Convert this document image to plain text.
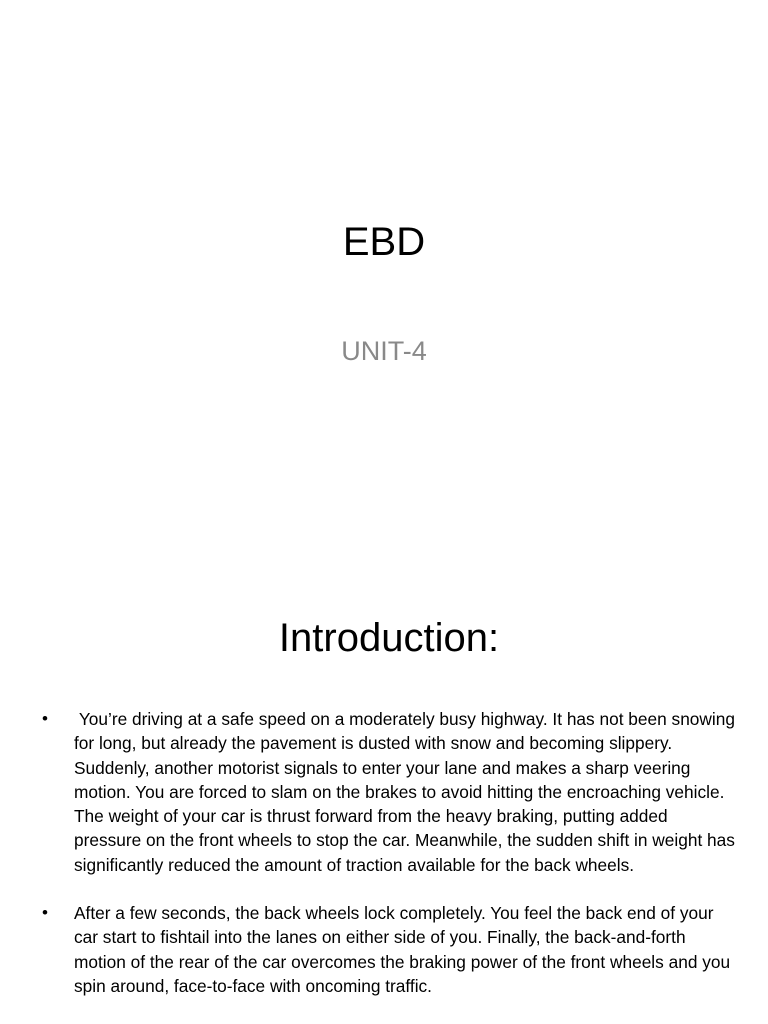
EBD
UNIT-4
Introduction:
• You’re driving at a safe speed on a moderately busy highway. It has not been snowing for long, but already the pavement is dusted with snow and becoming slippery. Suddenly, another motorist signals to enter your lane and makes a sharp veering motion. You are forced to slam on the brakes to avoid hitting the encroaching vehicle. The weight of your car is thrust forward from the heavy braking, putting added pressure on the front wheels to stop the car. Meanwhile, the sudden shift in weight has significantly reduced the amount of traction available for the back wheels.
• After a few seconds, the back wheels lock completely. You feel the back end of your car start to fishtail into the lanes on either side of you. Finally, the back-and-forth motion of the rear of the car overcomes the braking power of the front wheels and you spin around, face-to-face with oncoming traffic.
